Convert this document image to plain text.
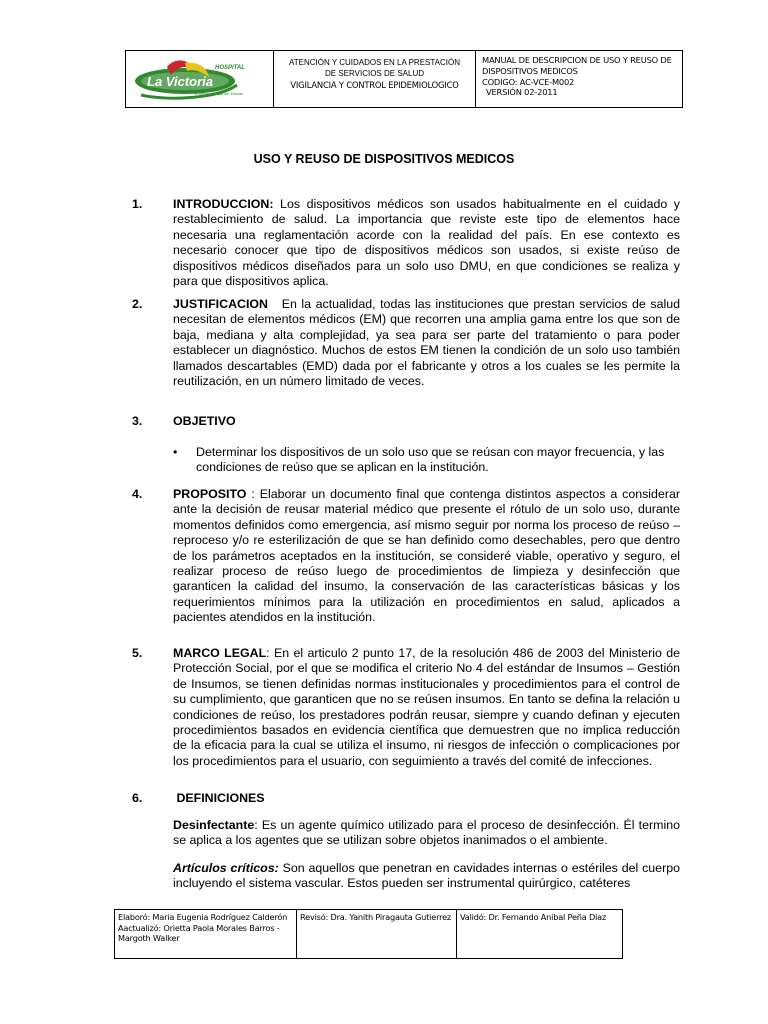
La Victoria
HOSPITAL
Empresa Social del Estado
ATENCIÓN Y CUIDADOS EN LA PRESTACIÓN
DE SERVICIOS DE SALUD
VIGILANCIA Y CONTROL EPIDEMIOLOGICO
MANUAL DE DESCRIPCION DE USO Y REUSO DE
DISPOSITIVOS MEDICOS
CODIGO: AC-VCE-M002
VERSIÓN 02-2011
USO Y REUSO DE DISPOSITIVOS MEDICOS
1. INTRODUCCION: Los dispositivos médicos son usados habitualmente en el cuidado y restablecimiento de salud. La importancia que reviste este tipo de elementos hace necesaria una reglamentación acorde con la realidad del país. En ese contexto es necesario conocer que tipo de dispositivos médicos son usados, si existe reúso de dispositivos médicos diseñados para un solo uso DMU, en que condiciones se realiza y para que dispositivos aplica.
2. JUSTIFICACION   En la actualidad, todas las instituciones que prestan servicios de salud necesitan de elementos médicos (EM) que recorren una amplia gama entre los que son de baja, mediana y alta complejidad, ya sea para ser parte del tratamiento o para poder establecer un diagnóstico. Muchos de estos EM tienen la condición de un solo uso también llamados descartables (EMD) dada por el fabricante y otros a los cuales se les permite la reutilización, en un número limitado de veces.
3. OBJETIVO
• Determinar los dispositivos de un solo uso que se reúsan con mayor frecuencia, y las condiciones de reúso que se aplican en la institución.
4. PROPOSITO : Elaborar un documento final que contenga distintos aspectos a considerar ante la decisión de reusar material médico que presente el rótulo de un solo uso, durante momentos definidos como emergencia, así mismo seguir por norma los proceso de reúso – reproceso y/o re esterilización de que se han definido como desechables, pero que dentro de los parámetros aceptados en la institución, se consideré viable, operativo y seguro, el realizar proceso de reúso luego de procedimientos de limpieza y desinfección que garanticen la calidad del insumo, la conservación de las características básicas y los requerimientos mínimos para la utilización en procedimientos en salud, aplicados a pacientes atendidos en la institución.
5. MARCO LEGAL: En el articulo 2 punto 17, de la resolución 486 de 2003 del Ministerio de Protección Social, por el que se modifica el criterio No 4 del estándar de Insumos – Gestión de Insumos, se tienen definidas normas institucionales y procedimientos para el control de su cumplimiento, que garanticen que no se reúsen insumos. En tanto se defina la relación u condiciones de reúso, los prestadores podrán reusar, siempre y cuando definan y ejecuten procedimientos basados en evidencia científica que demuestren que no implica reducción de la eficacia para la cual se utiliza el insumo, ni riesgos de infección o complicaciones por los procedimientos para el usuario, con seguimiento a través del comité de infecciones.
6. DEFINICIONES
Desinfectante: Es un agente químico utilizado para el proceso de desinfección. Él termino se aplica a los agentes que se utilizan sobre objetos inanimados o el ambiente.
Artículos críticos: Son aquellos que penetran en cavidades internas o estériles del cuerpo incluyendo el sistema vascular. Estos pueden ser instrumental quirúrgico, catéteres
Elaboró: Maria Eugenia Rodríguez Calderón
Aactualizó: Orietta Paola Morales Barros - Margoth Walker
Revisó: Dra. Yanith Piragauta Gutierrez Validó: Dr. Fernando Anibal Peña Diaz
